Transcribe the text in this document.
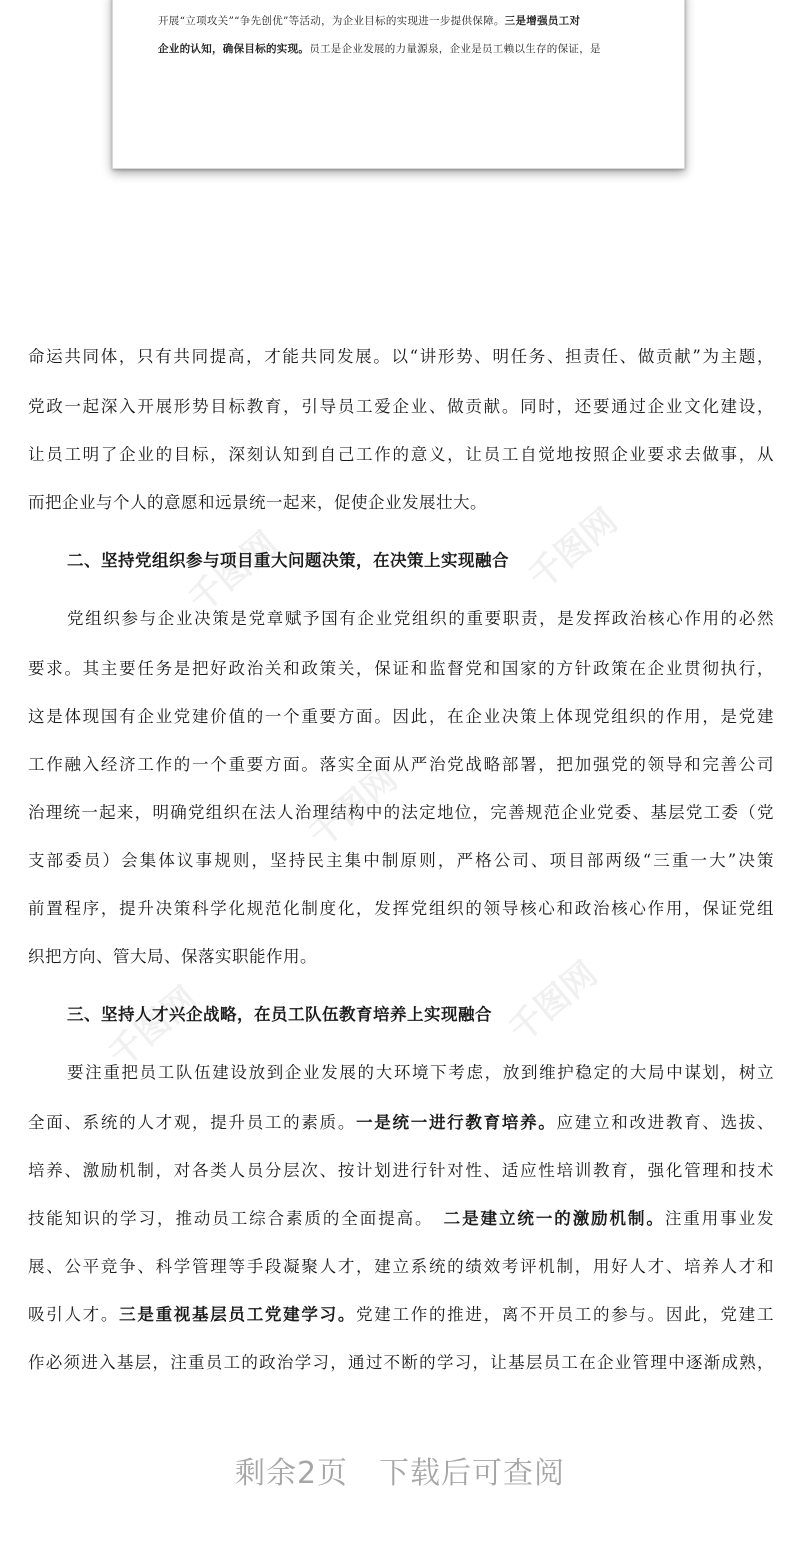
开展“立项攻关”“争先创优”等活动，为企业目标的实现进一步提供保障。三是增强员工对

企业的认知，确保目标的实现。员工是企业发展的力量源泉，企业是员工赖以生存的保证，是

千图网
千图网
千图网
千图网	千图网

命运共同体，只有共同提高，才能共同发展。以“讲形势、明任务、担责任、做贡献”为主题，

党政一起深入开展形势目标教育，引导员工爱企业、做贡献。同时，还要通过企业文化建设，

让员工明了企业的目标，深刻认知到自己工作的意义，让员工自觉地按照企业要求去做事，从

而把企业与个人的意愿和远景统一起来，促使企业发展壮大。

二、坚持党组织参与项目重大问题决策，在决策上实现融合

党组织参与企业决策是党章赋予国有企业党组织的重要职责，是发挥政治核心作用的必然

要求。其主要任务是把好政治关和政策关，保证和监督党和国家的方针政策在企业贯彻执行，

这是体现国有企业党建价值的一个重要方面。因此，在企业决策上体现党组织的作用，是党建

工作融入经济工作的一个重要方面。落实全面从严治党战略部署，把加强党的领导和完善公司

治理统一起来，明确党组织在法人治理结构中的法定地位，完善规范企业党委、基层党工委（党

支部委员）会集体议事规则，坚持民主集中制原则，严格公司、项目部两级“三重一大”决策

前置程序，提升决策科学化规范化制度化，发挥党组织的领导核心和政治核心作用，保证党组

织把方向、管大局、保落实职能作用。

三、坚持人才兴企战略，在员工队伍教育培养上实现融合

要注重把员工队伍建设放到企业发展的大环境下考虑，放到维护稳定的大局中谋划，树立

全面、系统的人才观，提升员工的素质。一是统一进行教育培养。应建立和改进教育、选拔、

培养、激励机制，对各类人员分层次、按计划进行针对性、适应性培训教育，强化管理和技术

技能知识的学习，推动员工综合素质的全面提高。　二是建立统一的激励机制。注重用事业发

展、公平竞争、科学管理等手段凝聚人才，建立系统的绩效考评机制，用好人才、培养人才和

吸引人才。三是重视基层员工党建学习。党建工作的推进，离不开员工的参与。因此，党建工

作必须进入基层，注重员工的政治学习，通过不断的学习，让基层员工在企业管理中逐渐成熟，

剩余2页　下载后可查阅
